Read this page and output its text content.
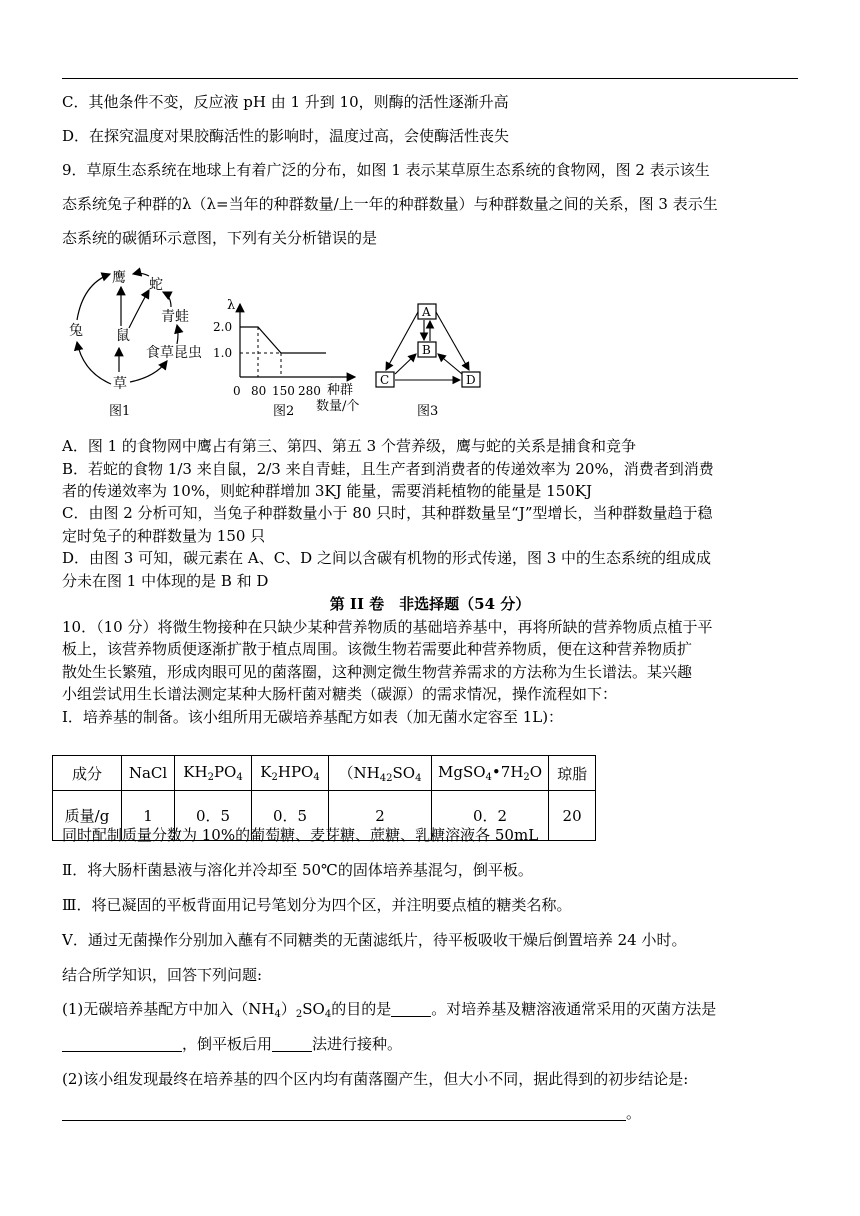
C．其他条件不变，反应液 pH 由 1 升到 10，则酶的活性逐渐升高
D．在探究温度对果胶酶活性的影响时，温度过高，会使酶活性丧失
9．草原生态系统在地球上有着广泛的分布，如图 1 表示某草原生态系统的食物网，图 2 表示该生
态系统兔子种群的λ（λ=当年的种群数量/上一年的种群数量）与种群数量之间的关系，图 3 表示生
态系统的碳循环示意图，下列有关分析错误的是
鹰 蛇
青蛙
兔 鼠
食草昆虫
草
图1
λ
2.0
1.0
0 80 150 280 种群
数量/个
图2
A
B
C	D
图3
A．图 1 的食物网中鹰占有第三、第四、第五 3 个营养级，鹰与蛇的关系是捕食和竞争
B．若蛇的食物 1/3 来自鼠，2/3 来自青蛙，且生产者到消费者的传递效率为 20%，消费者到消费
者的传递效率为 10%，则蛇种群增加 3KJ 能量，需要消耗植物的能量是 150KJ
C．由图 2 分析可知，当兔子种群数量小于 80 只时，其种群数量呈“J”型增长，当种群数量趋于稳
定时兔子的种群数量为 150 只
D．由图 3 可知，碳元素在 A、C、D 之间以含碳有机物的形式传递，图 3 中的生态系统的组成成
分未在图 1 中体现的是 B 和 D
第 II 卷　非选择题（54 分）
10．（10 分）将微生物接种在只缺少某种营养物质的基础培养基中，再将所缺的营养物质点植于平
板上，该营养物质便逐渐扩散于植点周围。该微生物若需要此种营养物质，便在这种营养物质扩
散处生长繁殖，形成肉眼可见的菌落圈，这种测定微生物营养需求的方法称为生长谱法。某兴趣
小组尝试用生长谱法测定某种大肠杆菌对糖类（碳源）的需求情况，操作流程如下：
Ⅰ．培养基的制备。该小组所用无碳培养基配方如表（加无菌水定容至 1L)：
成分	NaCl	$KH_2PO_4$	$K_2HPO_4$	（$NH_{42}SO_4$	$MgSO_4•7H_2O$	琼脂
质量/g	1	0．5	0．5	2	0．2	20
同时配制质量分数为 10%的葡萄糖、麦芽糖、蔗糖、乳糖溶液各 50mL
Ⅱ．将大肠杆菌悬液与溶化并冷却至 50℃的固体培养基混匀，倒平板。
Ⅲ．将已凝固的平板背面用记号笔划分为四个区，并注明要点植的糖类名称。
Ⅴ．通过无菌操作分别加入蘸有不同糖类的无菌滤纸片，待平板吸收干燥后倒置培养 24 小时。
结合所学知识，回答下列问题:
(1)无碳培养基配方中加入$(NH_4)_2SO_4$的目的是	。对培养基及糖溶液通常采用的灭菌方法是
，倒平板后用	法进行接种。
(2)该小组发现最终在培养基的四个区内均有菌落圈产生，但大小不同，据此得到的初步结论是:
。
